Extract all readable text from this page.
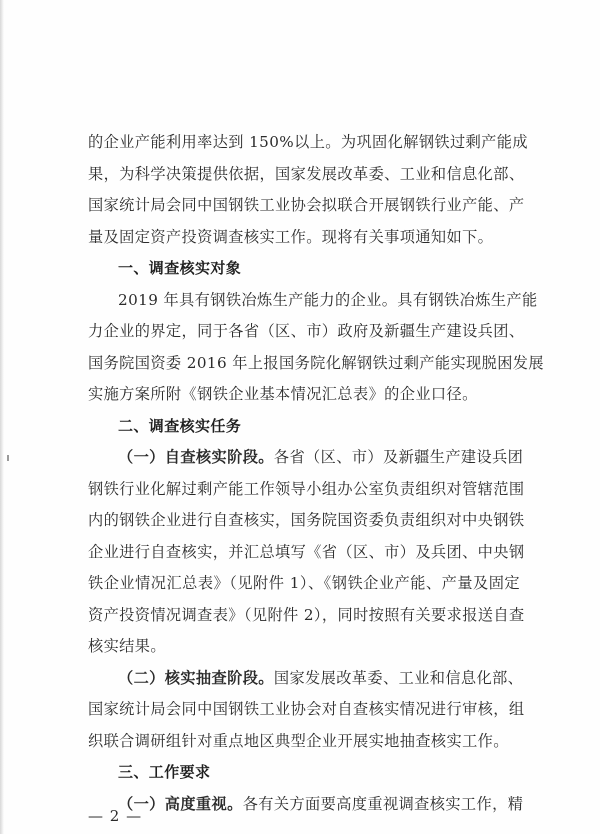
的企业产能利用率达到 150%以上。为巩固化解钢铁过剩产能成
果，为科学决策提供依据，国家发展改革委、工业和信息化部、
国家统计局会同中国钢铁工业协会拟联合开展钢铁行业产能、产
量及固定资产投资调查核实工作。现将有关事项通知如下。
一、调查核实对象
2019 年具有钢铁冶炼生产能力的企业。具有钢铁冶炼生产能
力企业的界定，同于各省（区、市）政府及新疆生产建设兵团、
国务院国资委 2016 年上报国务院化解钢铁过剩产能实现脱困发展
实施方案所附《钢铁企业基本情况汇总表》的企业口径。
二、调查核实任务
（一）自查核实阶段。各省（区、市）及新疆生产建设兵团
钢铁行业化解过剩产能工作领导小组办公室负责组织对管辖范围
内的钢铁企业进行自查核实，国务院国资委负责组织对中央钢铁
企业进行自查核实，并汇总填写《省（区、市）及兵团、中央钢
铁企业情况汇总表》（见附件 1）、《钢铁企业产能、产量及固定
资产投资情况调查表》（见附件 2），同时按照有关要求报送自查
核实结果。
（二）核实抽查阶段。国家发展改革委、工业和信息化部、
国家统计局会同中国钢铁工业协会对自查核实情况进行审核，组
织联合调研组针对重点地区典型企业开展实地抽查核实工作。
三、工作要求
（一）高度重视。各有关方面要高度重视调查核实工作，精
— 2 —
